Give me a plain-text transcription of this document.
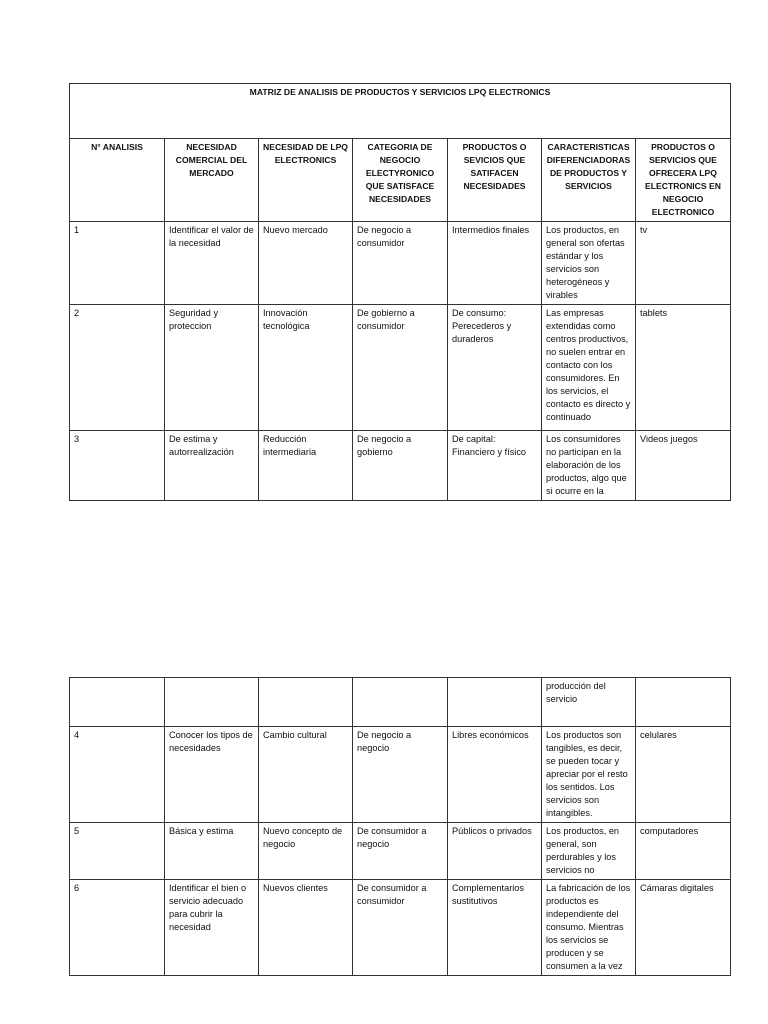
MATRIZ DE ANALISIS DE PRODUCTOS Y SERVICIOS LPQ ELECTRONICS						
N° ANALISIS	NECESIDAD COMERCIAL DEL MERCADO	NECESIDAD DE LPQ ELECTRONICS	CATEGORIA DE NEGOCIO ELECTYRONICO QUE SATISFACE NECESIDADES	PRODUCTOS O SEVICIOS QUE SATIFACEN NECESIDADES	CARACTERISTICAS DIFERENCIADORAS DE PRODUCTOS Y SERVICIOS	PRODUCTOS O SERVICIOS QUE OFRECERA LPQ ELECTRONICS EN NEGOCIO ELECTRONICO
1	Identificar el valor de la necesidad	Nuevo mercado	De negocio a consumidor	Intermedios finales	Los productos, en general son ofertas estándar y los servicios son heterogéneos y virables	tv
2	Seguridad y proteccion	Innovación tecnológica	De gobierno a consumidor	De consumo: Perecederos y duraderos	Las empresas extendidas como centros productivos, no suelen entrar en contacto con los consumidores. En los servicios, el contacto es directo y continuado	tablets
3	De estima y autorrealización	Reducción intermediaria	De negocio a gobierno	De capital: Financiero y físico	Los consumidores no participan en la elaboración de los productos, algo que si ocurre en la	Videos juegos
					producción del servicio	
4	Conocer los tipos de necesidades	Cambio cultural	De negocio a negocio	Libres económicos	Los productos son tangibles, es decir, se pueden tocar y apreciar por el resto los sentidos. Los servicios son intangibles.	celulares
5	Básica y estima	Nuevo concepto de negocio	De consumidor a negocio	Públicos o privados	Los productos, en general, son perdurables y los servicios no	computadores
6	Identificar el bien o servicio adecuado para cubrir la necesidad	Nuevos clientes	De consumidor a consumidor	Complementarios sustitutivos	La fabricación de los productos es independiente del consumo. Mientras los servicios se producen y se consumen a la vez	Cámaras digitales
